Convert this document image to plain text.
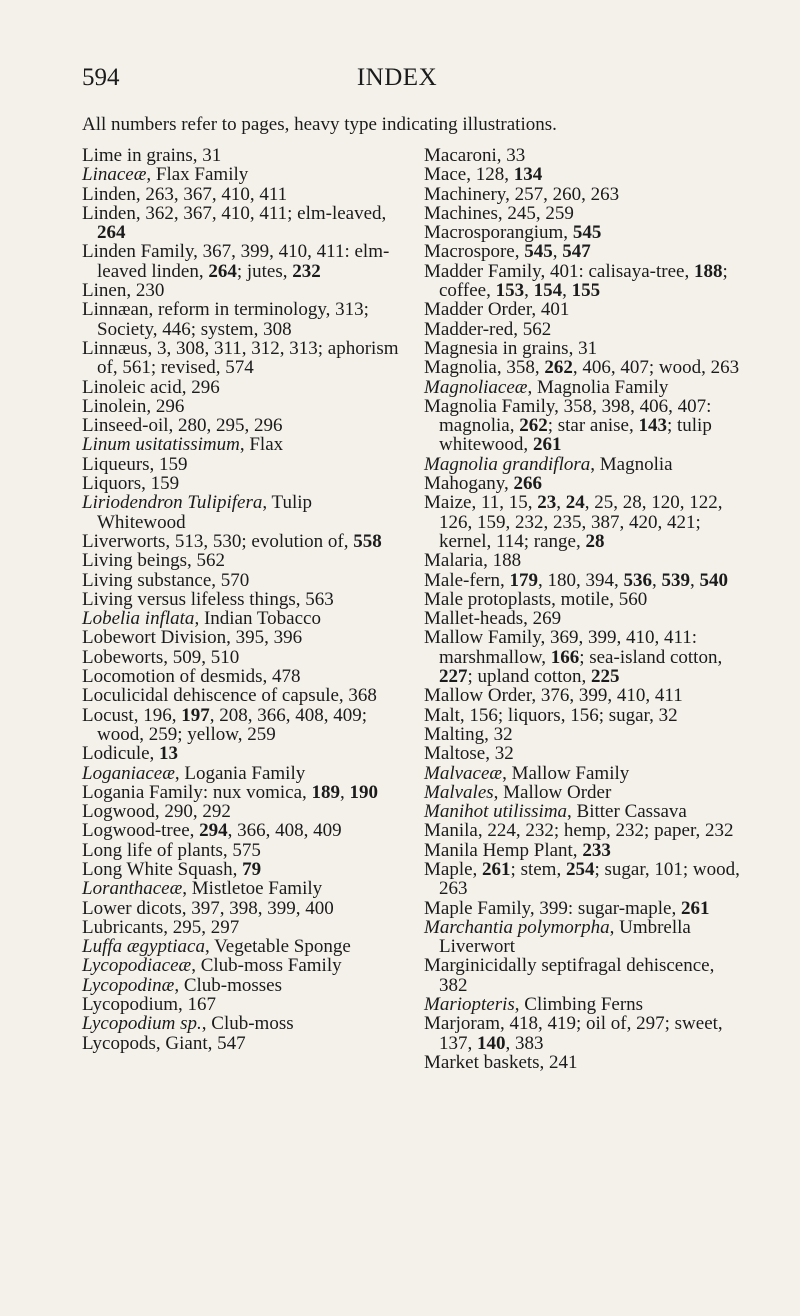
594	INDEX
All numbers refer to pages, heavy type indicating illustrations.

Lime in grains, 31

Linaceæ, Flax Family

Linden, 263, 367, 410, 411

Linden, 362, 367, 410, 411; elm-leaved, 264

Linden Family, 367, 399, 410, 411: elm-leaved linden, 264; jutes, 232

Linen, 230

Linnæan, reform in terminology, 313; Society, 446; system, 308

Linnæus, 3, 308, 311, 312, 313; aphorism of, 561; revised, 574

Linoleic acid, 296

Linolein, 296

Linseed-oil, 280, 295, 296

Linum usitatissimum, Flax

Liqueurs, 159

Liquors, 159

Liriodendron Tulipifera, Tulip Whitewood

Liverworts, 513, 530; evolution of, 558

Living beings, 562

Living substance, 570

Living versus lifeless things, 563

Lobelia inflata, Indian Tobacco

Lobewort Division, 395, 396

Lobeworts, 509, 510

Locomotion of desmids, 478

Loculicidal dehiscence of capsule, 368

Locust, 196, 197, 208, 366, 408, 409; wood, 259; yellow, 259

Lodicule, 13

Loganiaceæ, Logania Family

Logania Family: nux vomica, 189, 190

Logwood, 290, 292

Logwood-tree, 294, 366, 408, 409

Long life of plants, 575

Long White Squash, 79

Loranthaceæ, Mistletoe Family

Lower dicots, 397, 398, 399, 400

Lubricants, 295, 297

Luffa ægyptiaca, Vegetable Sponge

Lycopodiaceæ, Club-moss Family

Lycopodinæ, Club-mosses

Lycopodium, 167

Lycopodium sp., Club-moss

Lycopods, Giant, 547

Macaroni, 33

Mace, 128, 134

Machinery, 257, 260, 263

Machines, 245, 259

Macrosporangium, 545

Macrospore, 545, 547

Madder Family, 401: calisaya-tree, 188; coffee, 153, 154, 155

Madder Order, 401

Madder-red, 562

Magnesia in grains, 31

Magnolia, 358, 262, 406, 407; wood, 263

Magnoliaceæ, Magnolia Family

Magnolia Family, 358, 398, 406, 407: magnolia, 262; star anise, 143; tulip whitewood, 261

Magnolia grandiflora, Magnolia

Mahogany, 266

Maize, 11, 15, 23, 24, 25, 28, 120, 122, 126, 159, 232, 235, 387, 420, 421; kernel, 114; range, 28

Malaria, 188

Male-fern, 179, 180, 394, 536, 539, 540

Male protoplasts, motile, 560

Mallet-heads, 269

Mallow Family, 369, 399, 410, 411: marshmallow, 166; sea-island cotton, 227; upland cotton, 225

Mallow Order, 376, 399, 410, 411

Malt, 156; liquors, 156; sugar, 32

Malting, 32

Maltose, 32

Malvaceæ, Mallow Family

Malvales, Mallow Order

Manihot utilissima, Bitter Cassava

Manila, 224, 232; hemp, 232; paper, 232

Manila Hemp Plant, 233

Maple, 261; stem, 254; sugar, 101; wood, 263

Maple Family, 399: sugar-maple, 261

Marchantia polymorpha, Umbrella Liverwort

Marginicidally septifragal dehiscence, 382

Mariopteris, Climbing Ferns

Marjoram, 418, 419; oil of, 297; sweet, 137, 140, 383

Market baskets, 241
